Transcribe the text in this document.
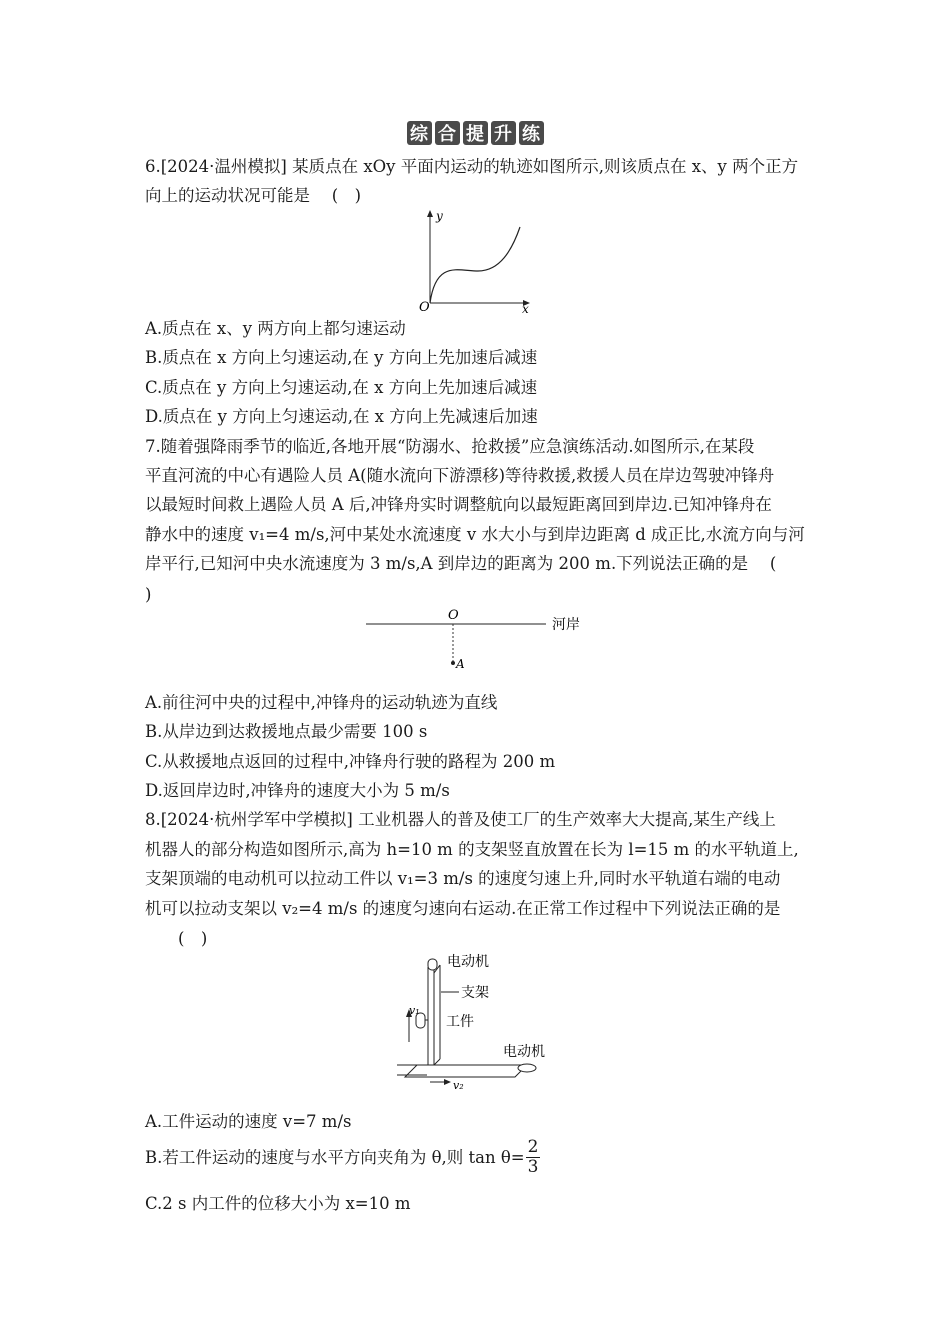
综 合 提 升 练
6.[2024·温州模拟] 某质点在 xOy 平面内运动的轨迹如图所示,则该质点在 x、y 两个正方
向上的运动状况可能是　 (　)
O	x
y
A.质点在 x、y 两方向上都匀速运动
B.质点在 x 方向上匀速运动,在 y 方向上先加速后减速
C.质点在 y 方向上匀速运动,在 x 方向上先加速后减速
D.质点在 y 方向上匀速运动,在 x 方向上先减速后加速
7.随着强降雨季节的临近,各地开展“防溺水、抢救援”应急演练活动.如图所示,在某段
平直河流的中心有遇险人员 A(随水流向下游漂移)等待救援,救援人员在岸边驾驶冲锋舟
以最短时间救上遇险人员 A 后,冲锋舟实时调整航向以最短距离回到岸边.已知冲锋舟在
静水中的速度 v₁=4 m/s,河中某处水流速度 v 水大小与到岸边距离 d 成正比,水流方向与河
岸平行,已知河中央水流速度为 3 m/s,A 到岸边的距离为 200 m.下列说法正确的是　 (
)
O
A
河岸
A.前往河中央的过程中,冲锋舟的运动轨迹为直线
B.从岸边到达救援地点最少需要 100 s
C.从救援地点返回的过程中,冲锋舟行驶的路程为 200 m
D.返回岸边时,冲锋舟的速度大小为 5 m/s
8.[2024·杭州学军中学模拟] 工业机器人的普及使工厂的生产效率大大提高,某生产线上
机器人的部分构造如图所示,高为 h=10 m 的支架竖直放置在长为 l=15 m 的水平轨道上,
支架顶端的电动机可以拉动工件以 v₁=3 m/s 的速度匀速上升,同时水平轨道右端的电动
机可以拉动支架以 v₂=4 m/s 的速度匀速向右运动.在正常工作过程中下列说法正确的是
(　)
电动机
支架
工件
电动机
v₁
v₂
A.工件运动的速度 v=7 m/s
B.若工件运动的速度与水平方向夹角为 θ,则 $\tan \theta= \frac{2}{3}$
C.2 s 内工件的位移大小为 x=10 m
